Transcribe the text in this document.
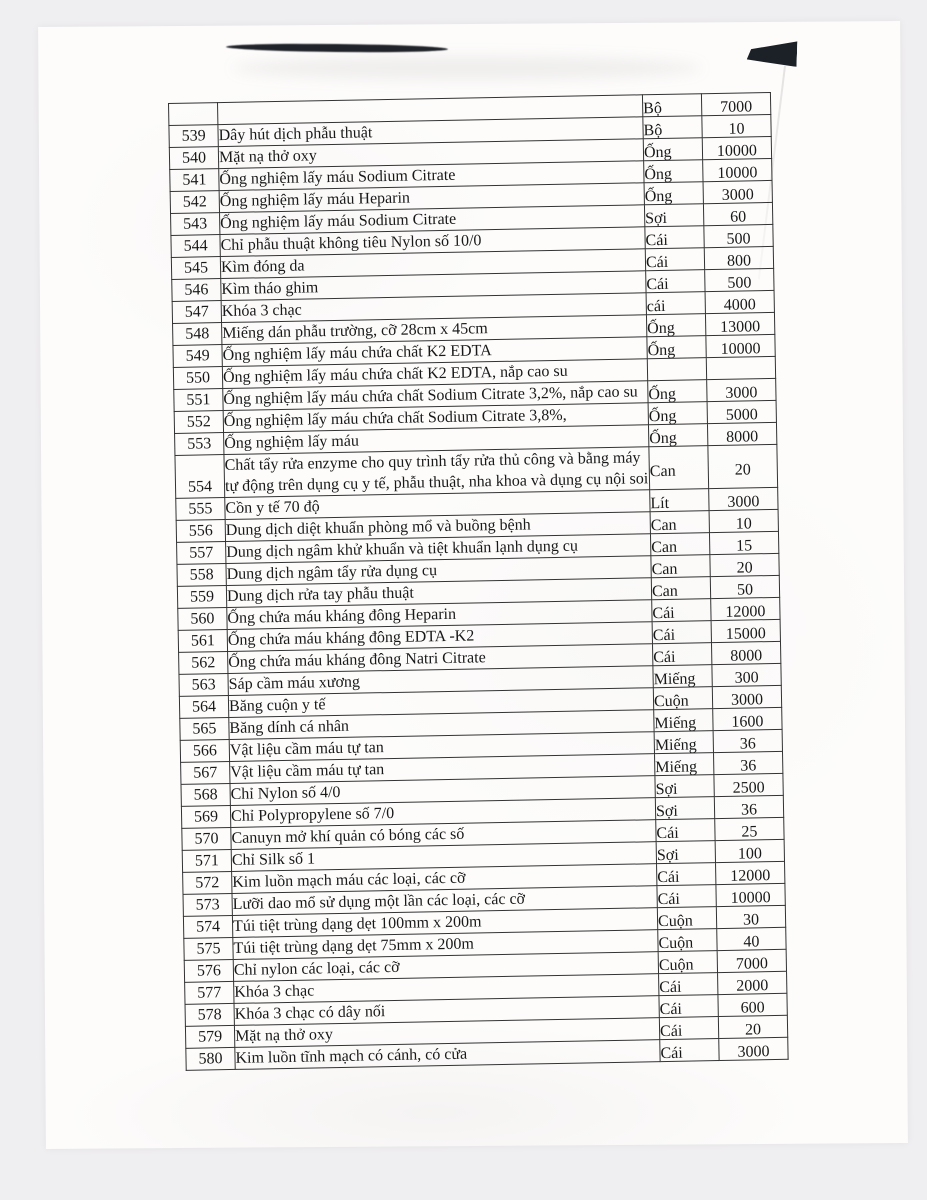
		Bộ	7000
539	Dây hút dịch phẫu thuật	Bộ	10
540	Mặt nạ thở oxy	Ống	10000
541	Ống nghiệm lấy máu Sodium Citrate	Ống	10000
542	Ống nghiệm lấy máu Heparin	Ống	3000
543	Ống nghiệm lấy máu Sodium Citrate	Sợi	60
544	Chỉ phẫu thuật không tiêu Nylon số 10/0	Cái	500
545	Kìm đóng da	Cái	800
546	Kìm tháo ghim	Cái	500
547	Khóa 3 chạc	cái	4000
548	Miếng dán phẫu trường, cỡ 28cm x 45cm	Ống	13000
549	Ống nghiệm lấy máu chứa chất K2 EDTA	Ống	10000
550	Ống nghiệm lấy máu chứa chất K2 EDTA, nắp cao su		
551	Ống nghiệm lấy máu chứa chất Sodium Citrate 3,2%, nắp cao su	Ống	3000
552	Ống nghiệm lấy máu chứa chất Sodium Citrate 3,8%,	Ống	5000
553	Ống nghiệm lấy máu	Ống	8000
554	Chất tẩy rửa enzyme cho quy trình tẩy rửa thủ công và bằng máy tự động trên dụng cụ y tế, phẫu thuật, nha khoa và dụng cụ nội soi	Can	20
555	Cồn y tế 70 độ	Lít	3000
556	Dung dịch diệt khuẩn phòng mổ và buồng bệnh	Can	10
557	Dung dịch ngâm khử khuẩn và tiệt khuẩn lạnh dụng cụ	Can	15
558	Dung dịch ngâm tẩy rửa dụng cụ	Can	20
559	Dung dịch rửa tay phẫu thuật	Can	50
560	Ống chứa máu kháng đông Heparin	Cái	12000
561	Ống chứa máu kháng đông EDTA -K2	Cái	15000
562	Ống chứa máu kháng đông Natri Citrate	Cái	8000
563	Sáp cầm máu xương	Miếng	300
564	Băng cuộn y tế	Cuộn	3000
565	Băng dính cá nhân	Miếng	1600
566	Vật liệu cầm máu tự tan	Miếng	36
567	Vật liệu cầm máu tự tan	Miếng	36
568	Chỉ Nylon số 4/0	Sợi	2500
569	Chỉ Polypropylene số 7/0	Sợi	36
570	Canuyn mở khí quản có bóng các số	Cái	25
571	Chỉ Silk số 1	Sợi	100
572	Kim luồn mạch máu các loại, các cỡ	Cái	12000
573	Lưỡi dao mổ sử dụng một lần các loại, các cỡ	Cái	10000
574	Túi tiệt trùng dạng dẹt 100mm x 200m	Cuộn	30
575	Túi tiệt trùng dạng dẹt 75mm x 200m	Cuộn	40
576	Chỉ nylon các loại, các cỡ	Cuộn	7000
577	Khóa 3 chạc	Cái	2000
578	Khóa 3 chạc có dây nối	Cái	600
579	Mặt nạ thở oxy	Cái	20
580	Kim luồn tĩnh mạch có cánh, có cửa	Cái	3000
